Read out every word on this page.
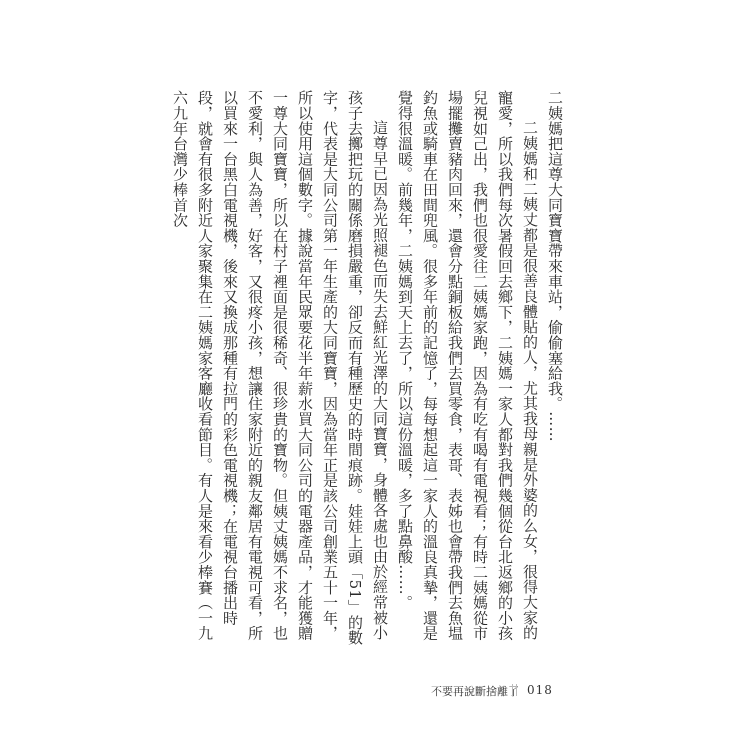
二姨媽把這尊大同寶寶帶來車站，偷偷塞給我。……

二姨媽和二姨丈都是很善良體貼的人，尤其我母親是外婆的么女，很得大家的寵愛，所以我們每次暑假回去鄉下，二姨媽一家人都對我們幾個從台北返鄉的小孩兒視如己出，我們也很愛往二姨媽家跑，因為有吃有喝有電視看；有時二姨媽從市場擺攤賣豬肉回來，還會分點銅板給我們去買零食，表哥、表姊也會帶我們去魚塭釣魚或騎車在田間兜風。很多年前的記憶了，每每想起這一家人的溫良真摯，還是覺得很溫暖。前幾年，二姨媽到天上去了，所以這份溫暖，多了點鼻酸……。

這尊早已因為光照褪色而失去鮮紅光澤的大同寶寶，身體各處也由於經常被小孩子去擲把玩的關係磨損嚴重，卻反而有種歷史的時間痕跡。娃娃上頭「51」的數字，代表是大同公司第一年生產的大同寶寶，因為當年正是該公司創業五十一年，所以使用這個數字。據說當年民眾要花半年薪水買大同公司的電器產品，才能獲贈一尊大同寶寶，所以在村子裡面是很稀奇、很珍貴的寶物。但姨丈姨媽不求名，也不愛利，與人為善，好客，又很疼小孩，想讓住家附近的親友鄰居有電視可看，所以買來一台黑白電視機，後來又換成那種有拉門的彩色電視機；在電視台播出時段，就會有很多附近人家聚集在二姨媽家客廳收看節目。有人是來看少棒賽（一九六九年台灣少棒首次

不要再說斷捨離了 018
